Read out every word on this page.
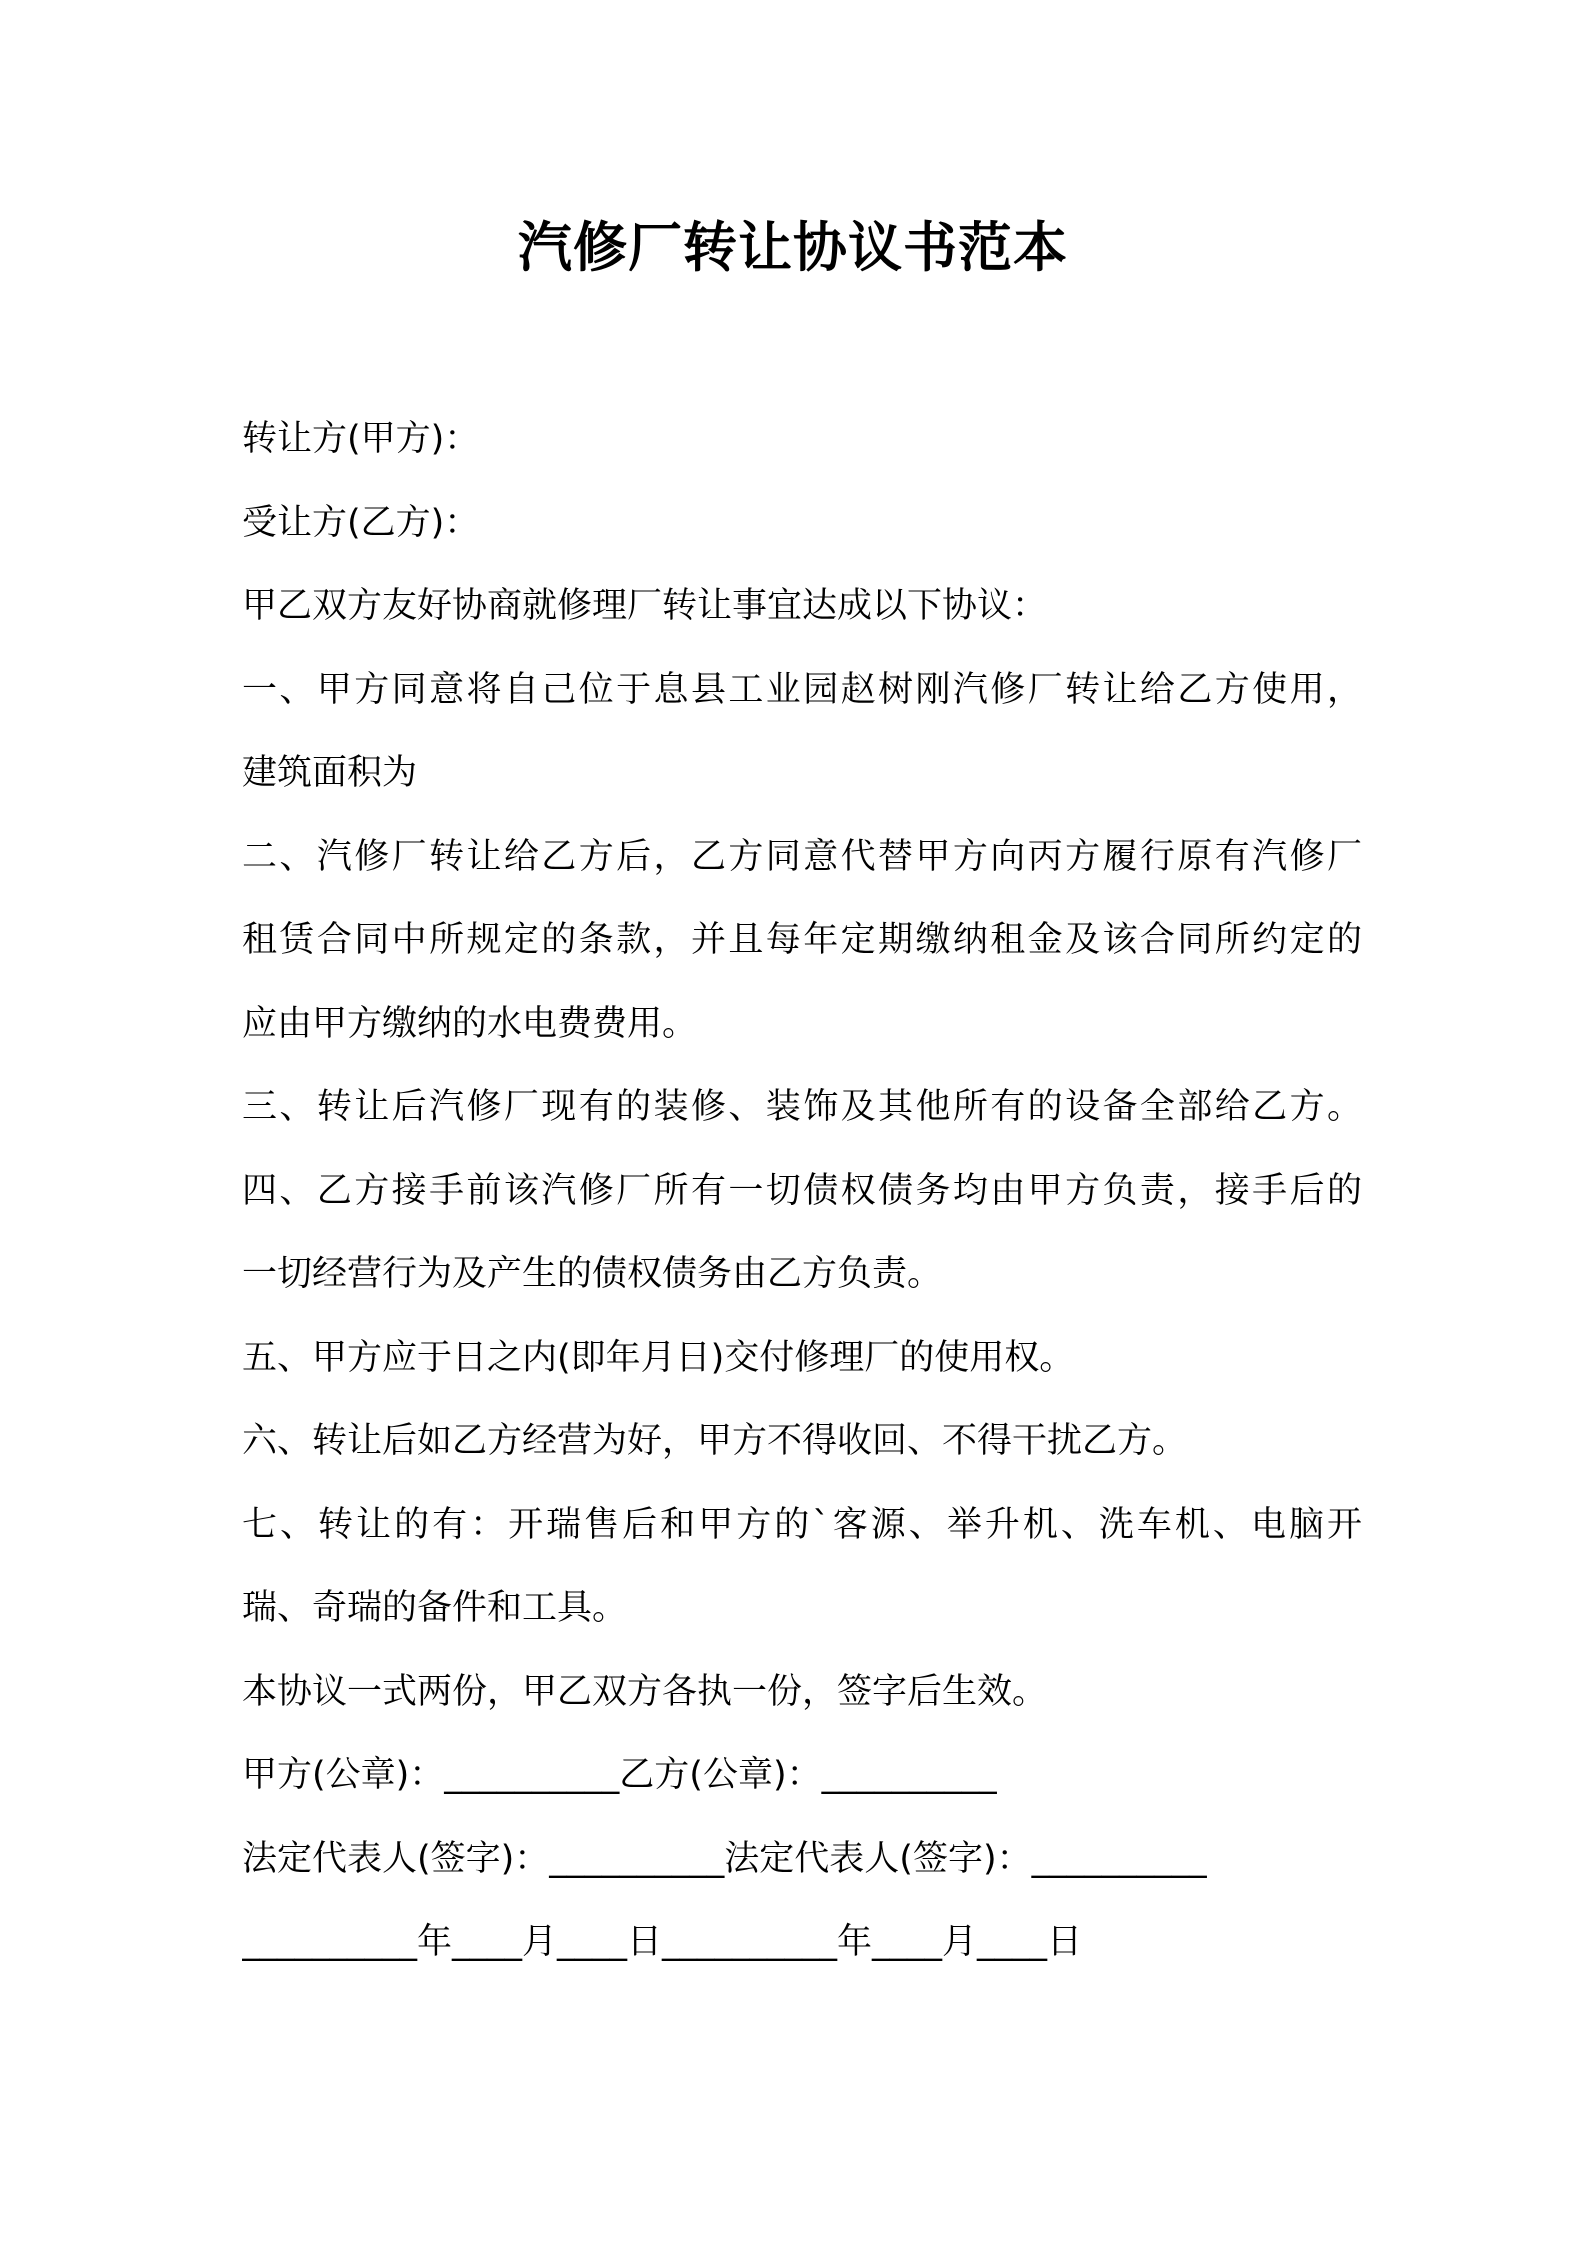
汽修厂转让协议书范本
转让方(甲方)：
受让方(乙方)：
甲乙双方友好协商就修理厂转让事宜达成以下协议：
一、甲方同意将自己位于息县工业园赵树刚汽修厂转让给乙方使用，
建筑面积为
二、汽修厂转让给乙方后，乙方同意代替甲方向丙方履行原有汽修厂
租赁合同中所规定的条款，并且每年定期缴纳租金及该合同所约定的
应由甲方缴纳的水电费费用。
三、转让后汽修厂现有的装修、装饰及其他所有的设备全部给乙方。
四、乙方接手前该汽修厂所有一切债权债务均由甲方负责，接手后的
一切经营行为及产生的债权债务由乙方负责。
五、甲方应于日之内(即年月日)交付修理厂的使用权。
六、转让后如乙方经营为好，甲方不得收回、不得干扰乙方。
七、转让的有：开瑞售后和甲方的`客源、举升机、洗车机、电脑开
瑞、奇瑞的备件和工具。
本协议一式两份，甲乙双方各执一份，签字后生效。
甲方(公章)：__________乙方(公章)：__________
法定代表人(签字)：__________法定代表人(签字)：__________
__________年____月____日__________年____月____日
